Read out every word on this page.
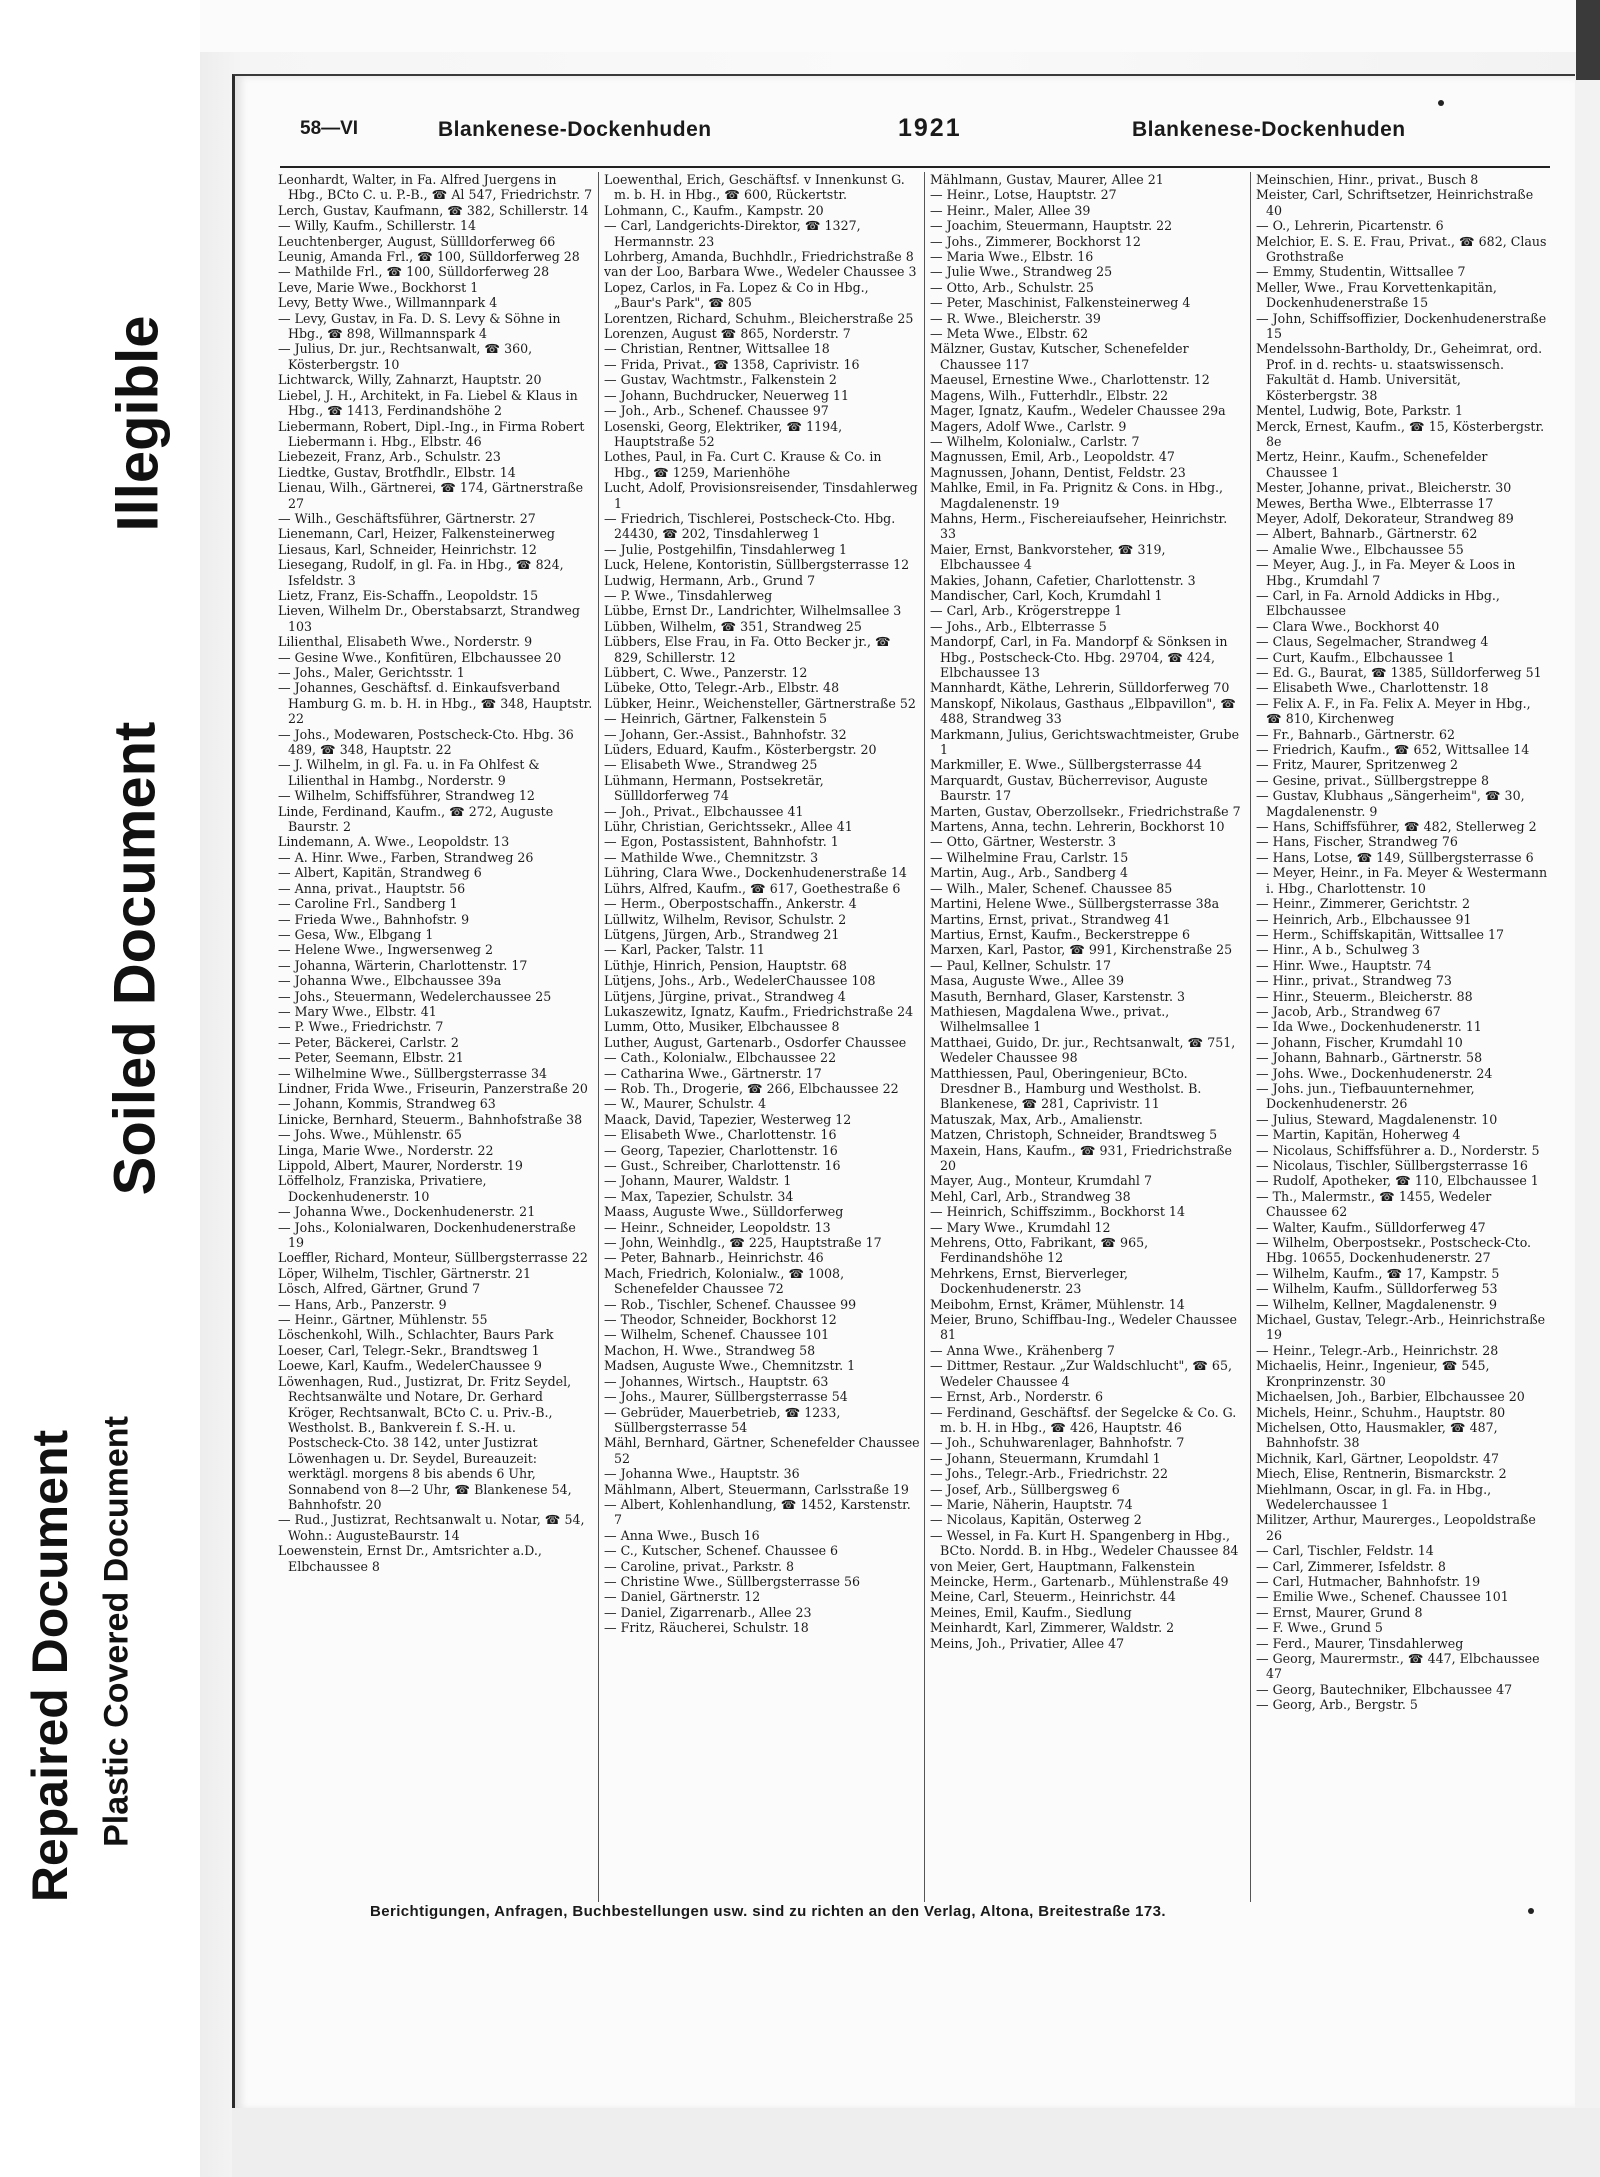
Illegible
Soiled Document
Repaired Document Plastic Covered Document
58—VI	Blankenese-Dockenhuden	1921	Blankenese-Dockenhuden

Leonhardt, Walter, in Fa. Alfred Juergens in Hbg., BCto C. u. P.-B., ☎ Al 547, Friedrichstr. 7

Lerch, Gustav, Kaufmann, ☎ 382, Schillerstr. 14

— Willy, Kaufm., Schillerstr. 14

Leuchtenberger, August, Süllldorferweg 66

Leunig, Amanda Frl., ☎ 100, Sülldorferweg 28

— Mathilde Frl., ☎ 100, Sülldorferweg 28

Leve, Marie Wwe., Bockhorst 1

Levy, Betty Wwe., Willmannpark 4

— Levy, Gustav, in Fa. D. S. Levy & Söhne in Hbg., ☎ 898, Willmannspark 4

— Julius, Dr. jur., Rechtsanwalt, ☎ 360, Kösterbergstr. 10

Lichtwarck, Willy, Zahnarzt, Hauptstr. 20

Liebel, J. H., Architekt, in Fa. Liebel & Klaus in Hbg., ☎ 1413, Ferdinandshöhe 2

Liebermann, Robert, Dipl.-Ing., in Firma Robert Liebermann i. Hbg., Elbstr. 46

Liebezeit, Franz, Arb., Schulstr. 23

Liedtke, Gustav, Brotfhdlr., Elbstr. 14

Lienau, Wilh., Gärtnerei, ☎ 174, Gärtnerstraße 27

— Wilh., Geschäftsführer, Gärtnerstr. 27

Lienemann, Carl, Heizer, Falkensteinerweg

Liesaus, Karl, Schneider, Heinrichstr. 12

Liesegang, Rudolf, in gl. Fa. in Hbg., ☎ 824, Isfeldstr. 3

Lietz, Franz, Eis-Schaffn., Leopoldstr. 15

Lieven, Wilhelm Dr., Oberstabsarzt, Strandweg 103

Lilienthal, Elisabeth Wwe., Norderstr. 9

— Gesine Wwe., Konfitüren, Elbchaussee 20

— Johs., Maler, Gerichtsstr. 1

— Johannes, Geschäftsf. d. Einkaufsverband Hamburg G. m. b. H. in Hbg., ☎ 348, Hauptstr. 22

— Johs., Modewaren, Postscheck-Cto. Hbg. 36 489, ☎ 348, Hauptstr. 22

— J. Wilhelm, in gl. Fa. u. in Fa Ohlfest & Lilienthal in Hambg., Norderstr. 9

— Wilhelm, Schiffsführer, Strandweg 12

Linde, Ferdinand, Kaufm., ☎ 272, Auguste Baurstr. 2

Lindemann, A. Wwe., Leopoldstr. 13

— A. Hinr. Wwe., Farben, Strandweg 26

— Albert, Kapitän, Strandweg 6

— Anna, privat., Hauptstr. 56

— Caroline Frl., Sandberg 1

— Frieda Wwe., Bahnhofstr. 9

— Gesa, Ww., Elbgang 1

— Helene Wwe., Ingwersenweg 2

— Johanna, Wärterin, Charlottenstr. 17

— Johanna Wwe., Elbchaussee 39a

— Johs., Steuermann, Wedelerchaussee 25

— Mary Wwe., Elbstr. 41

— P. Wwe., Friedrichstr. 7

— Peter, Bäckerei, Carlstr. 2

— Peter, Seemann, Elbstr. 21

— Wilhelmine Wwe., Süllbergsterrasse 34

Lindner, Frida Wwe., Friseurin, Panzerstraße 20

— Johann, Kommis, Strandweg 63

Linicke, Bernhard, Steuerm., Bahnhofstraße 38

— Johs. Wwe., Mühlenstr. 65

Linga, Marie Wwe., Norderstr. 22

Lippold, Albert, Maurer, Norderstr. 19

Löffelholz, Franziska, Privatiere, Dockenhudenerstr. 10

— Johanna Wwe., Dockenhudenerstr. 21

— Johs., Kolonialwaren, Dockenhudenerstraße 19

Loeffler, Richard, Monteur, Süllbergsterrasse 22

Löper, Wilhelm, Tischler, Gärtnerstr. 21

Lösch, Alfred, Gärtner, Grund 7

— Hans, Arb., Panzerstr. 9

— Heinr., Gärtner, Mühlenstr. 55

Löschenkohl, Wilh., Schlachter, Baurs Park

Loeser, Carl, Telegr.-Sekr., Brandtsweg 1

Loewe, Karl, Kaufm., WedelerChaussee 9

Löwenhagen, Rud., Justizrat, Dr. Fritz Seydel, Rechtsanwälte und Notare, Dr. Gerhard Kröger, Rechtsanwalt, BCto C. u. Priv.-B., Westholst. B., Bankverein f. S.-H. u. Postscheck-Cto. 38 142, unter Justizrat Löwenhagen u. Dr. Seydel, Bureauzeit: werktägl. morgens 8 bis abends 6 Uhr, Sonnabend von 8—2 Uhr, ☎ Blankenese 54, Bahnhofstr. 20

— Rud., Justizrat, Rechtsanwalt u. Notar, ☎ 54, Wohn.: AugusteBaurstr. 14

Loewenstein, Ernst Dr., Amtsrichter a.D., Elbchaussee 8

Loewenthal, Erich, Geschäftsf. v Innenkunst G. m. b. H. in Hbg., ☎ 600, Rückertstr.

Lohmann, C., Kaufm., Kampstr. 20

— Carl, Landgerichts-Direktor, ☎ 1327, Hermannstr. 23

Lohrberg, Amanda, Buchhdlr., Friedrichstraße 8

van der Loo, Barbara Wwe., Wedeler Chaussee 3

Lopez, Carlos, in Fa. Lopez & Co in Hbg., „Baur's Park", ☎ 805

Lorentzen, Richard, Schuhm., Bleicherstraße 25

Lorenzen, August ☎ 865, Norderstr. 7

— Christian, Rentner, Wittsallee 18

— Frida, Privat., ☎ 1358, Caprivistr. 16

— Gustav, Wachtmstr., Falkenstein 2

— Johann, Buchdrucker, Neuerweg 11

— Joh., Arb., Schenef. Chaussee 97

Losenski, Georg, Elektriker, ☎ 1194, Hauptstraße 52

Lothes, Paul, in Fa. Curt C. Krause & Co. in Hbg., ☎ 1259, Marienhöhe

Lucht, Adolf, Provisionsreisender, Tinsdahlerweg 1

— Friedrich, Tischlerei, Postscheck-Cto. Hbg. 24430, ☎ 202, Tinsdahlerweg 1

— Julie, Postgehilfin, Tinsdahlerweg 1

Luck, Helene, Kontoristin, Süllbergsterrasse 12

Ludwig, Hermann, Arb., Grund 7

— P. Wwe., Tinsdahlerweg

Lübbe, Ernst Dr., Landrichter, Wilhelmsallee 3

Lübben, Wilhelm, ☎ 351, Strandweg 25

Lübbers, Else Frau, in Fa. Otto Becker jr., ☎ 829, Schillerstr. 12

Lübbert, C. Wwe., Panzerstr. 12

Lübeke, Otto, Telegr.-Arb., Elbstr. 48

Lübker, Heinr., Weichensteller, Gärtnerstraße 52

— Heinrich, Gärtner, Falkenstein 5

— Johann, Ger.-Assist., Bahnhofstr. 32

Lüders, Eduard, Kaufm., Kösterbergstr. 20

— Elisabeth Wwe., Strandweg 25

Lühmann, Hermann, Postsekretär, Süllldorferweg 74

— Joh., Privat., Elbchaussee 41

Lühr, Christian, Gerichtssekr., Allee 41

— Egon, Postassistent, Bahnhofstr. 1

— Mathilde Wwe., Chemnitzstr. 3

Lühring, Clara Wwe., Dockenhudenerstraße 14

Lührs, Alfred, Kaufm., ☎ 617, Goethestraße 6

— Herm., Oberpostschaffn., Ankerstr. 4

Lüllwitz, Wilhelm, Revisor, Schulstr. 2

Lütgens, Jürgen, Arb., Strandweg 21

— Karl, Packer, Talstr. 11

Lüthje, Hinrich, Pension, Hauptstr. 68

Lütjens, Johs., Arb., WedelerChaussee 108

Lütjens, Jürgine, privat., Strandweg 4

Lukaszewitz, Ignatz, Kaufm., Friedrichstraße 24

Lumm, Otto, Musiker, Elbchaussee 8

Luther, August, Gartenarb., Osdorfer Chaussee

— Cath., Kolonialw., Elbchaussee 22

— Catharina Wwe., Gärtnerstr. 17

— Rob. Th., Drogerie, ☎ 266, Elbchaussee 22

— W., Maurer, Schulstr. 4

Maack, David, Tapezier, Westerweg 12

— Elisabeth Wwe., Charlottenstr. 16

— Georg, Tapezier, Charlottenstr. 16

— Gust., Schreiber, Charlottenstr. 16

— Johann, Maurer, Waldstr. 1

— Max, Tapezier, Schulstr. 34

Maass, Auguste Wwe., Sülldorferweg

— Heinr., Schneider, Leopoldstr. 13

— John, Weinhdlg., ☎ 225, Hauptstraße 17

— Peter, Bahnarb., Heinrichstr. 46

Mach, Friedrich, Kolonialw., ☎ 1008, Schenefelder Chaussee 72

— Rob., Tischler, Schenef. Chaussee 99

— Theodor, Schneider, Bockhorst 12

— Wilhelm, Schenef. Chaussee 101

Machon, H. Wwe., Strandweg 58

Madsen, Auguste Wwe., Chemnitzstr. 1

— Johannes, Wirtsch., Hauptstr. 63

— Johs., Maurer, Süllbergsterrasse 54

— Gebrüder, Mauerbetrieb, ☎ 1233, Süllbergsterrasse 54

Mähl, Bernhard, Gärtner, Schenefelder Chaussee 52

— Johanna Wwe., Hauptstr. 36

Mählmann, Albert, Steuermann, Carlsstraße 19

— Albert, Kohlenhandlung, ☎ 1452, Karstenstr. 7

— Anna Wwe., Busch 16

— C., Kutscher, Schenef. Chaussee 6

— Caroline, privat., Parkstr. 8

— Christine Wwe., Süllbergsterrasse 56

— Daniel, Gärtnerstr. 12

— Daniel, Zigarrenarb., Allee 23

— Fritz, Räucherei, Schulstr. 18

Mählmann, Gustav, Maurer, Allee 21

— Heinr., Lotse, Hauptstr. 27

— Heinr., Maler, Allee 39

— Joachim, Steuermann, Hauptstr. 22

— Johs., Zimmerer, Bockhorst 12

— Maria Wwe., Elbstr. 16

— Julie Wwe., Strandweg 25

— Otto, Arb., Schulstr. 25

— Peter, Maschinist, Falkensteinerweg 4

— R. Wwe., Bleicherstr. 39

— Meta Wwe., Elbstr. 62

Mälzner, Gustav, Kutscher, Schenefelder Chaussee 117

Maeusel, Ernestine Wwe., Charlottenstr. 12

Magens, Wilh., Futterhdlr., Elbstr. 22

Mager, Ignatz, Kaufm., Wedeler Chaussee 29a

Magers, Adolf Wwe., Carlstr. 9

— Wilhelm, Kolonialw., Carlstr. 7

Magnussen, Emil, Arb., Leopoldstr. 47

Magnussen, Johann, Dentist, Feldstr. 23

Mahlke, Emil, in Fa. Prignitz & Cons. in Hbg., Magdalenenstr. 19

Mahns, Herm., Fischereiaufseher, Heinrichstr. 33

Maier, Ernst, Bankvorsteher, ☎ 319, Elbchaussee 4

Makies, Johann, Cafetier, Charlottenstr. 3

Mandischer, Carl, Koch, Krumdahl 1

— Carl, Arb., Krögerstreppe 1

— Johs., Arb., Elbterrasse 5

Mandorpf, Carl, in Fa. Mandorpf & Sönksen in Hbg., Postscheck-Cto. Hbg. 29704, ☎ 424, Elbchaussee 13

Mannhardt, Käthe, Lehrerin, Sülldorferweg 70

Manskopf, Nikolaus, Gasthaus „Elbpavillon", ☎ 488, Strandweg 33

Markmann, Julius, Gerichtswachtmeister, Grube 1

Markmiller, E. Wwe., Süllbergsterrasse 44

Marquardt, Gustav, Bücherrevisor, Auguste Baurstr. 17

Marten, Gustav, Oberzollsekr., Friedrichstraße 7

Martens, Anna, techn. Lehrerin, Bockhorst 10

— Otto, Gärtner, Westerstr. 3

— Wilhelmine Frau, Carlstr. 15

Martin, Aug., Arb., Sandberg 4

— Wilh., Maler, Schenef. Chaussee 85

Martini, Helene Wwe., Süllbergsterrasse 38a

Martins, Ernst, privat., Strandweg 41

Martius, Ernst, Kaufm., Beckerstreppe 6

Marxen, Karl, Pastor, ☎ 991, Kirchenstraße 25

— Paul, Kellner, Schulstr. 17

Masa, Auguste Wwe., Allee 39

Masuth, Bernhard, Glaser, Karstenstr. 3

Mathiesen, Magdalena Wwe., privat., Wilhelmsallee 1

Matthaei, Guido, Dr. jur., Rechtsanwalt, ☎ 751, Wedeler Chaussee 98

Matthiessen, Paul, Oberingenieur, BCto. Dresdner B., Hamburg und Westholst. B. Blankenese, ☎ 281, Caprivistr. 11

Matuszak, Max, Arb., Amalienstr.

Matzen, Christoph, Schneider, Brandtsweg 5

Maxein, Hans, Kaufm., ☎ 931, Friedrichstraße 20

Mayer, Aug., Monteur, Krumdahl 7

Mehl, Carl, Arb., Strandweg 38

— Heinrich, Schiffszimm., Bockhorst 14

— Mary Wwe., Krumdahl 12

Mehrens, Otto, Fabrikant, ☎ 965, Ferdinandshöhe 12

Mehrkens, Ernst, Bierverleger, Dockenhudenerstr. 23

Meibohm, Ernst, Krämer, Mühlenstr. 14

Meier, Bruno, Schiffbau-Ing., Wedeler Chaussee 81

— Anna Wwe., Krähenberg 7

— Dittmer, Restaur. „Zur Waldschlucht", ☎ 65, Wedeler Chaussee 4

— Ernst, Arb., Norderstr. 6

— Ferdinand, Geschäftsf. der Segelcke & Co. G. m. b. H. in Hbg., ☎ 426, Hauptstr. 46

— Joh., Schuhwarenlager, Bahnhofstr. 7

— Johann, Steuermann, Krumdahl 1

— Johs., Telegr.-Arb., Friedrichstr. 22

— Josef, Arb., Süllbergsweg 6

— Marie, Näherin, Hauptstr. 74

— Nicolaus, Kapitän, Osterweg 2

— Wessel, in Fa. Kurt H. Spangenberg in Hbg., BCto. Nordd. B. in Hbg., Wedeler Chaussee 84

von Meier, Gert, Hauptmann, Falkenstein

Meincke, Herm., Gartenarb., Mühlenstraße 49

Meine, Carl, Steuerm., Heinrichstr. 44

Meines, Emil, Kaufm., Siedlung

Meinhardt, Karl, Zimmerer, Waldstr. 2

Meins, Joh., Privatier, Allee 47

Meinschien, Hinr., privat., Busch 8

Meister, Carl, Schriftsetzer, Heinrichstraße 40

— O., Lehrerin, Picartenstr. 6

Melchior, E. S. E. Frau, Privat., ☎ 682, Claus Grothstraße

— Emmy, Studentin, Wittsallee 7

Meller, Wwe., Frau Korvettenkapitän, Dockenhudenerstraße 15

— John, Schiffsoffizier, Dockenhudenerstraße 15

Mendelssohn-Bartholdy, Dr., Geheimrat, ord. Prof. in d. rechts- u. staatswissensch. Fakultät d. Hamb. Universität, Kösterbergstr. 38

Mentel, Ludwig, Bote, Parkstr. 1

Merck, Ernest, Kaufm., ☎ 15, Kösterbergstr. 8e

Mertz, Heinr., Kaufm., Schenefelder Chaussee 1

Mester, Johanne, privat., Bleicherstr. 30

Mewes, Bertha Wwe., Elbterrasse 17

Meyer, Adolf, Dekorateur, Strandweg 89

— Albert, Bahnarb., Gärtnerstr. 62

— Amalie Wwe., Elbchaussee 55

— Meyer, Aug. J., in Fa. Meyer & Loos in Hbg., Krumdahl 7

— Carl, in Fa. Arnold Addicks in Hbg., Elbchaussee

— Clara Wwe., Bockhorst 40

— Claus, Segelmacher, Strandweg 4

— Curt, Kaufm., Elbchaussee 1

— Ed. G., Baurat, ☎ 1385, Sülldorferweg 51

— Elisabeth Wwe., Charlottenstr. 18

— Felix A. F., in Fa. Felix A. Meyer in Hbg., ☎ 810, Kirchenweg

— Fr., Bahnarb., Gärtnerstr. 62

— Friedrich, Kaufm., ☎ 652, Wittsallee 14

— Fritz, Maurer, Spritzenweg 2

— Gesine, privat., Süllbergstreppe 8

— Gustav, Klubhaus „Sängerheim", ☎ 30, Magdalenenstr. 9

— Hans, Schiffsführer, ☎ 482, Stellerweg 2

— Hans, Fischer, Strandweg 76

— Hans, Lotse, ☎ 149, Süllbergsterrasse 6

— Meyer, Heinr., in Fa. Meyer & Westermann i. Hbg., Charlottenstr. 10

— Heinr., Zimmerer, Gerichtstr. 2

— Heinrich, Arb., Elbchaussee 91

— Herm., Schiffskapitän, Wittsallee 17

— Hinr., A b., Schulweg 3

— Hinr. Wwe., Hauptstr. 74

— Hinr., privat., Strandweg 73

— Hinr., Steuerm., Bleicherstr. 88

— Jacob, Arb., Strandweg 67

— Ida Wwe., Dockenhudenerstr. 11

— Johann, Fischer, Krumdahl 10

— Johann, Bahnarb., Gärtnerstr. 58

— Johs. Wwe., Dockenhudenerstr. 24

— Johs. jun., Tiefbauunternehmer, Dockenhudenerstr. 26

— Julius, Steward, Magdalenenstr. 10

— Martin, Kapitän, Hoherweg 4

— Nicolaus, Schiffsführer a. D., Norderstr. 5

— Nicolaus, Tischler, Süllbergsterrasse 16

— Rudolf, Apotheker, ☎ 110, Elbchaussee 1

— Th., Malermstr., ☎ 1455, Wedeler Chaussee 62

— Walter, Kaufm., Sülldorferweg 47

— Wilhelm, Oberpostsekr., Postscheck-Cto. Hbg. 10655, Dockenhudenerstr. 27

— Wilhelm, Kaufm., ☎ 17, Kampstr. 5

— Wilhelm, Kaufm., Sülldorferweg 53

— Wilhelm, Kellner, Magdalenenstr. 9

Michael, Gustav, Telegr.-Arb., Heinrichstraße 19

— Heinr., Telegr.-Arb., Heinrichstr. 28

Michaelis, Heinr., Ingenieur, ☎ 545, Kronprinzenstr. 30

Michaelsen, Joh., Barbier, Elbchaussee 20

Michels, Heinr., Schuhm., Hauptstr. 80

Michelsen, Otto, Hausmakler, ☎ 487, Bahnhofstr. 38

Michnik, Karl, Gärtner, Leopoldstr. 47

Miech, Elise, Rentnerin, Bismarckstr. 2

Miehlmann, Oscar, in gl. Fa. in Hbg., Wedelerchaussee 1

Militzer, Arthur, Maurerges., Leopoldstraße 26

— Carl, Tischler, Feldstr. 14

— Carl, Zimmerer, Isfeldstr. 8

— Carl, Hutmacher, Bahnhofstr. 19

— Emilie Wwe., Schenef. Chaussee 101

— Ernst, Maurer, Grund 8

— F. Wwe., Grund 5

— Ferd., Maurer, Tinsdahlerweg

— Georg, Maurermstr., ☎ 447, Elbchaussee 47

— Georg, Bautechniker, Elbchaussee 47

— Georg, Arb., Bergstr. 5

Berichtigungen, Anfragen, Buchbestellungen usw. sind zu richten an den Verlag, Altona, Breitestraße 173.
